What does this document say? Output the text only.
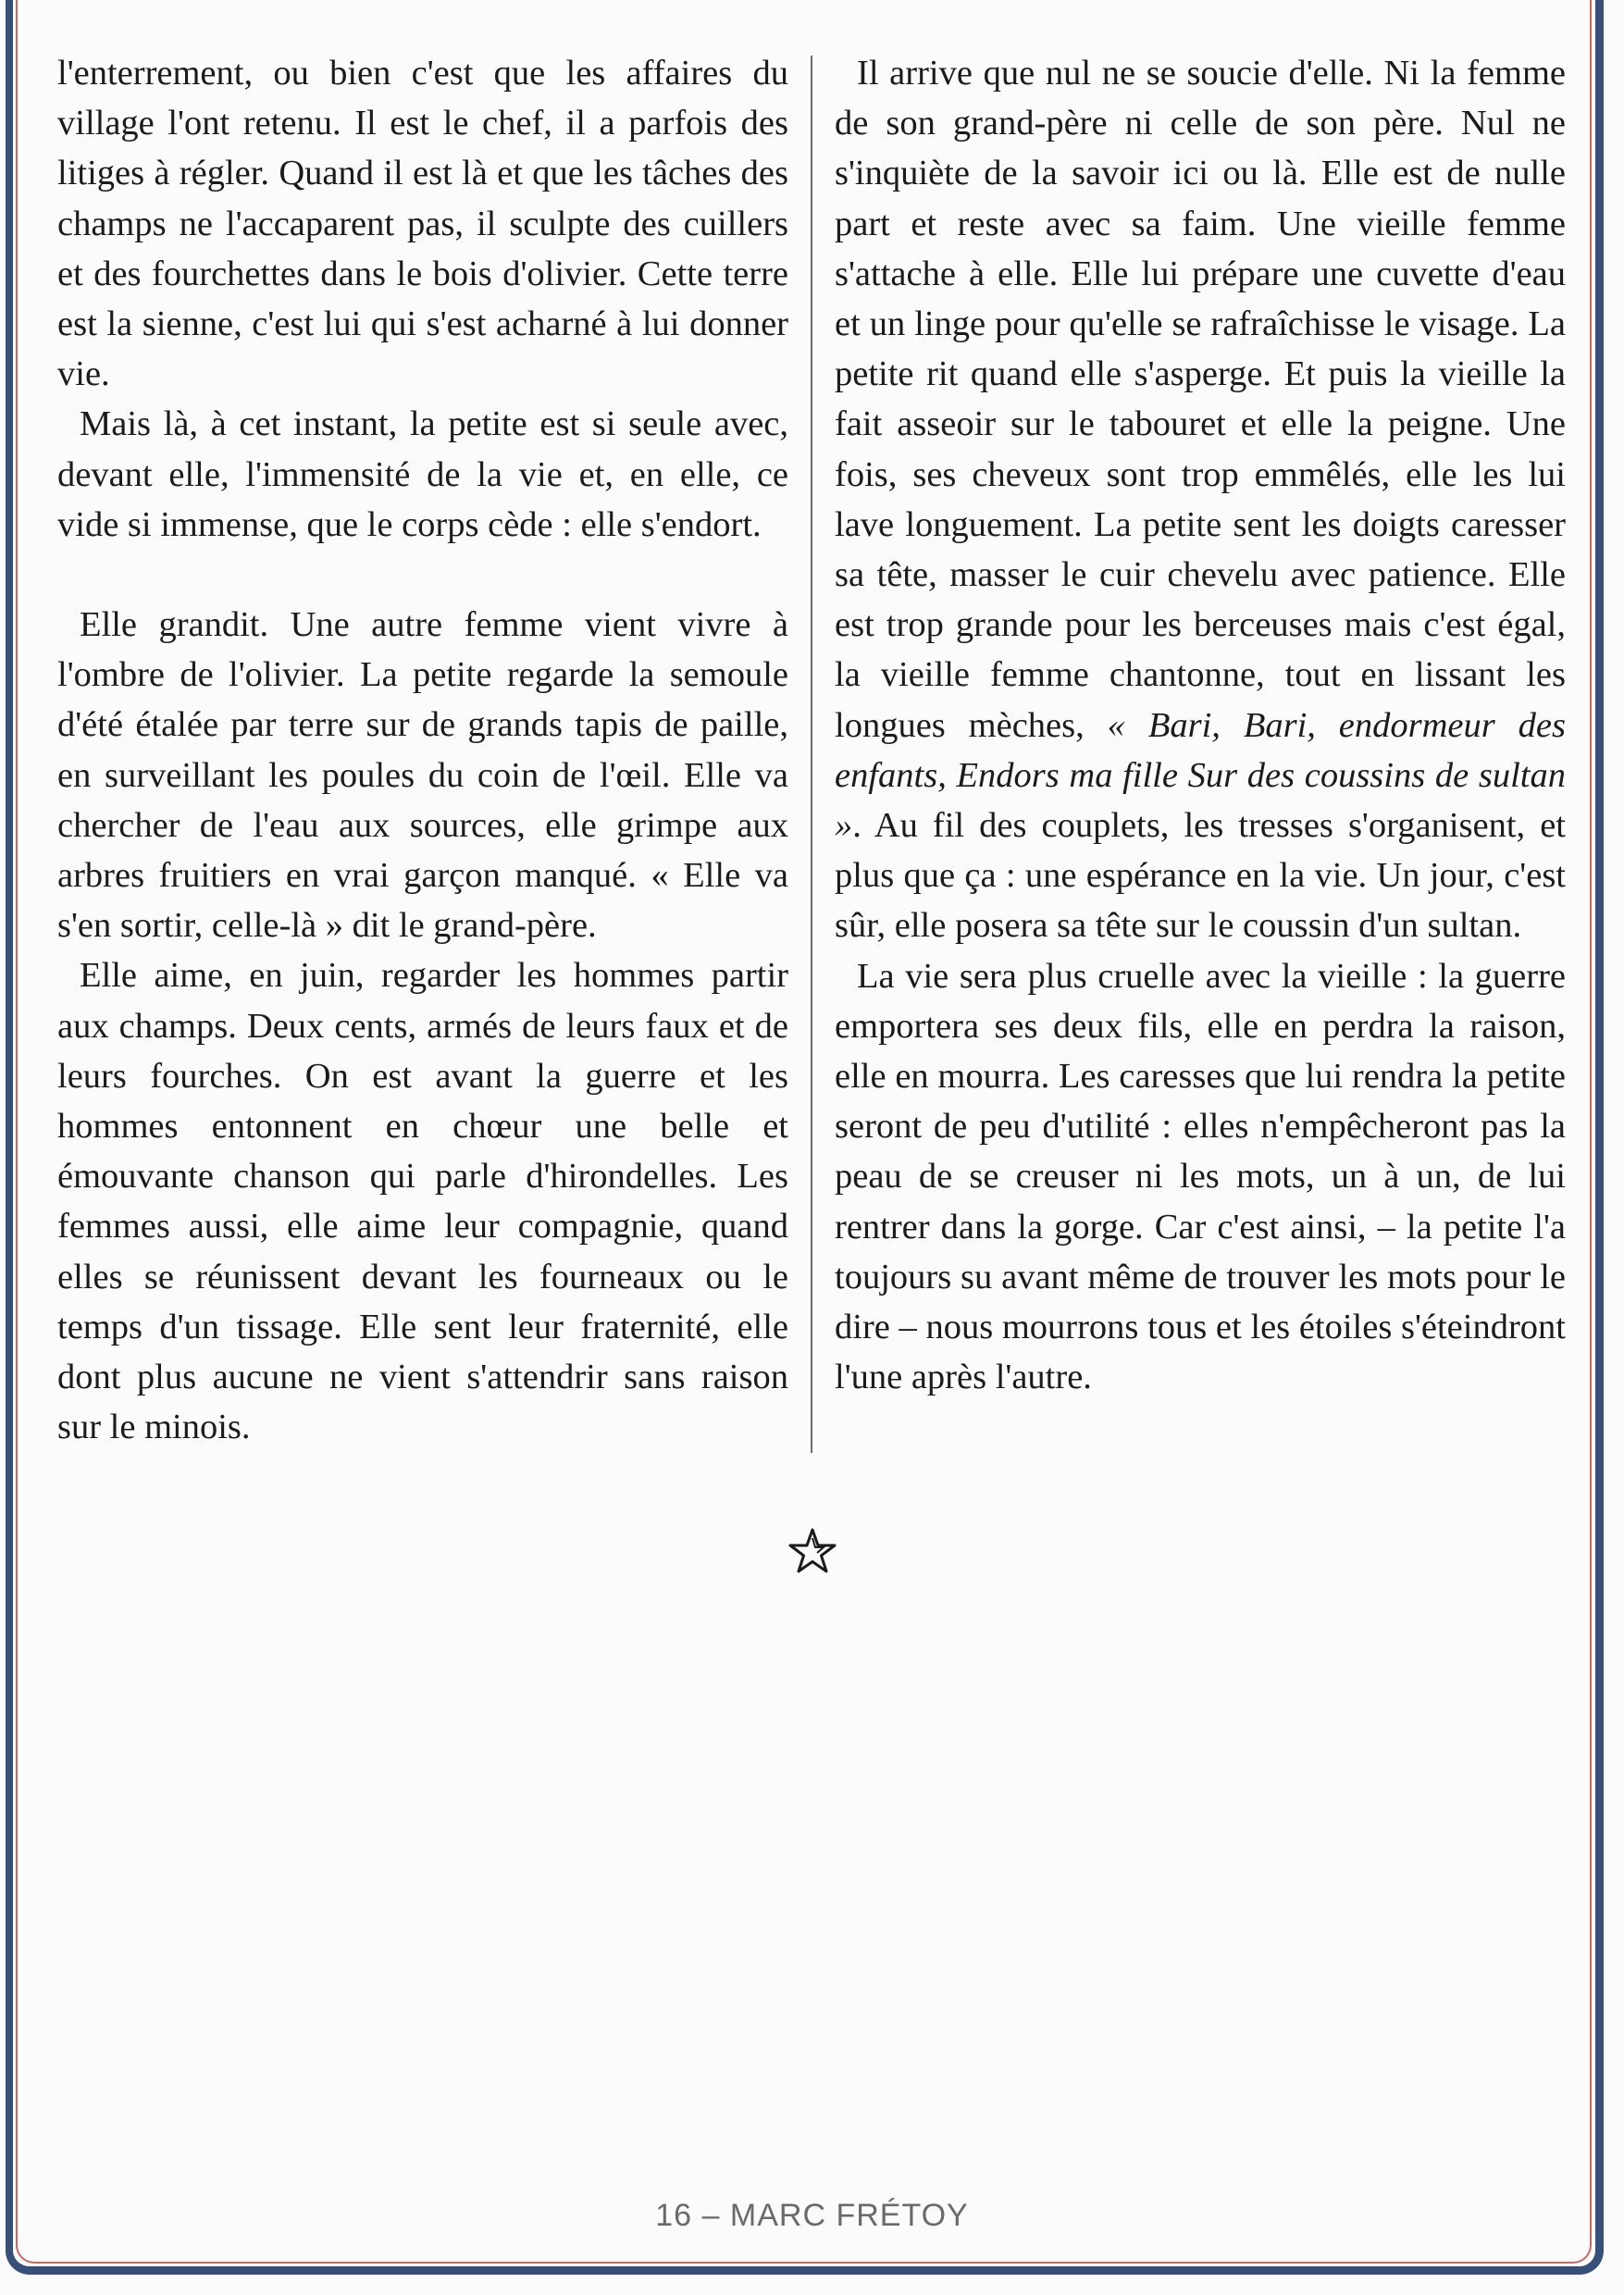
l'enterrement, ou bien c'est que les affaires du village l'ont retenu. Il est le chef, il a parfois des litiges à régler. Quand il est là et que les tâches des champs ne l'accaparent pas, il sculpte des cuillers et des fourchettes dans le bois d'olivier. Cette terre est la sienne, c'est lui qui s'est acharné à lui donner vie.

Mais là, à cet instant, la petite est si seule avec, devant elle, l'immensité de la vie et, en elle, ce vide si immense, que le corps cède : elle s'endort.

Elle grandit. Une autre femme vient vivre à l'ombre de l'olivier. La petite regarde la semoule d'été étalée par terre sur de grands tapis de paille, en surveillant les poules du coin de l'œil. Elle va chercher de l'eau aux sources, elle grimpe aux arbres fruitiers en vrai garçon manqué. « Elle va s'en sortir, celle-là » dit le grand-père.

Elle aime, en juin, regarder les hommes partir aux champs. Deux cents, armés de leurs faux et de leurs fourches. On est avant la guerre et les hommes entonnent en chœur une belle et émouvante chanson qui parle d'hirondelles. Les femmes aussi, elle aime leur compagnie, quand elles se réunissent devant les fourneaux ou le temps d'un tissage. Elle sent leur fraternité, elle dont plus aucune ne vient s'attendrir sans raison sur le minois.

Il arrive que nul ne se soucie d'elle. Ni la femme de son grand-père ni celle de son père. Nul ne s'inquiète de la savoir ici ou là. Elle est de nulle part et reste avec sa faim. Une vieille femme s'attache à elle. Elle lui prépare une cuvette d'eau et un linge pour qu'elle se rafraîchisse le visage. La petite rit quand elle s'asperge. Et puis la vieille la fait asseoir sur le tabouret et elle la peigne. Une fois, ses cheveux sont trop emmêlés, elle les lui lave longuement. La petite sent les doigts caresser sa tête, masser le cuir chevelu avec patience. Elle est trop grande pour les berceuses mais c'est égal, la vieille femme chantonne, tout en lissant les longues mèches, « Bari, Bari, endormeur des enfants, Endors ma fille Sur des coussins de sultan ». Au fil des couplets, les tresses s'organisent, et plus que ça : une espérance en la vie. Un jour, c'est sûr, elle posera sa tête sur le coussin d'un sultan.

La vie sera plus cruelle avec la vieille : la guerre emportera ses deux fils, elle en perdra la raison, elle en mourra. Les caresses que lui rendra la petite seront de peu d'utilité : elles n'empêcheront pas la peau de se creuser ni les mots, un à un, de lui rentrer dans la gorge. Car c'est ainsi, – la petite l'a toujours su avant même de trouver les mots pour le dire – nous mourrons tous et les étoiles s'éteindront l'une après l'autre.

16 – MARC FRÉTOY
